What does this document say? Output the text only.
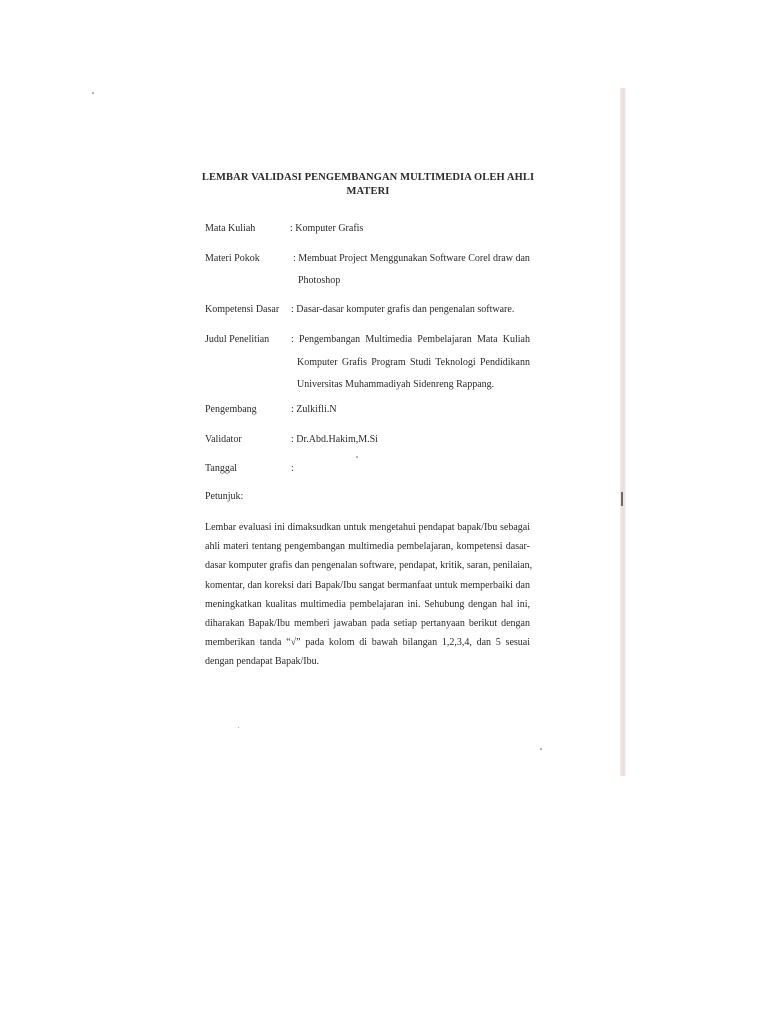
LEMBAR VALIDASI PENGEMBANGAN MULTIMEDIA OLEH AHLI
MATERI
Mata Kuliah	: Komputer Grafis
Materi Pokok	: Membuat Project Menggunakan Software Corel draw dan
Photoshop
Kompetensi Dasar : Dasar-dasar komputer grafis dan pengenalan software.
Judul Penelitian : Pengembangan Multimedia Pembelajaran Mata Kuliah
Komputer Grafis Program Studi Teknologi Pendidikann
Universitas Muhammadiyah Sidenreng Rappang.
Pengembang	: Zulkifli.N
Validator	: Dr.Abd.Hakim,M.Si
Tanggal	:
Petunjuk:
Lembar evaluasi ini dimaksudkan untuk mengetahui pendapat bapak/Ibu sebagai
ahli materi tentang pengembangan multimedia pembelajaran, kompetensi dasar-
dasar komputer grafis dan pengenalan software, pendapat, kritik, saran, penilaian,
komentar, dan koreksi dari Bapak/Ibu sangat bermanfaat untuk memperbaiki dan
meningkatkan kualitas multimedia pembelajaran ini. Sehubung dengan hal ini,
diharakan Bapak/Ibu memberi jawaban pada setiap pertanyaan berikut dengan
memberikan tanda “√” pada kolom di bawah bilangan 1,2,3,4, dan 5 sesuai
dengan pendapat Bapak/Ibu.
